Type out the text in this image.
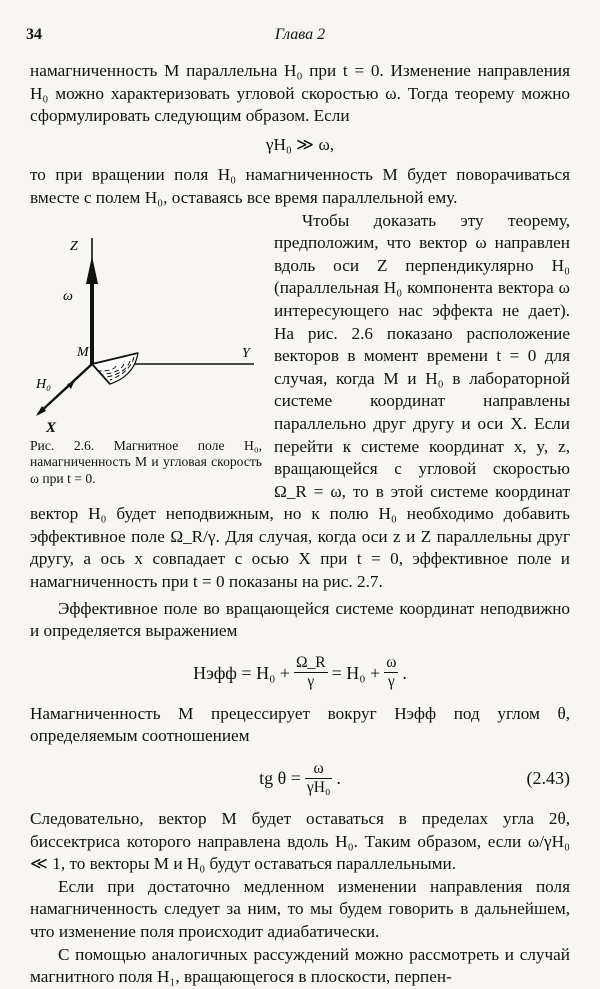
34	Глава 2

намагниченность M параллельна H₀ при t = 0. Изменение направления H₀ можно характеризовать угловой скоростью ω. Тогда теорему можно сформулировать следующим образом. Если

γH₀ ≫ ω,

то при вращении поля H₀ намагниченность M будет поворачиваться вместе с полем H₀, оставаясь все время параллельной ему.

Z
ω
Y
M
H₀
X
Рис. 2.6. Магнитное поле H₀, намагниченность M и угловая скорость ω при t = 0.

Чтобы доказать эту теорему, предположим, что вектор ω направлен вдоль оси Z перпендикулярно H₀ (параллельная H₀ компонента вектора ω интересующего нас эффекта не дает). На рис. 2.6 показано расположение векторов в момент времени t = 0 для случая, когда M и H₀ в лабораторной системе координат направлены параллельно друг другу и оси X. Если перейти к системе координат x, y, z, вращающейся с угловой скоростью Ω_R = ω, то в этой системе координат вектор H₀ будет неподвижным, но к полю H₀ необходимо добавить эффективное поле Ω_R/γ. Для случая, когда оси z и Z параллельны друг другу, а ось x совпадает с осью X при t = 0, эффективное поле и намагниченность при t = 0 показаны на рис. 2.7.

Эффективное поле во вращающейся системе координат неподвижно и определяется выражением

Hэфф = $H_0 + \frac{\Omega\_R}{\gamma} = H_0 + \frac{\omega}{\gamma}$ .

Намагниченность M прецессирует вокруг Hэфф под углом θ, определяемым соотношением

tg $\theta = \frac{\omega}{\text{γH₀}}$ .	(2.43)

Следовательно, вектор M будет оставаться в пределах угла 2θ, биссектриса которого направлена вдоль H₀. Таким образом, если ω/γH₀ ≪ 1, то векторы M и H₀ будут оставаться параллельными.

Если при достаточно медленном изменении направления поля намагниченность следует за ним, то мы будем говорить в дальнейшем, что изменение поля происходит адиабатически.

С помощью аналогичных рассуждений можно рассмотреть и случай магнитного поля H₁, вращающегося в плоскости, перпен-
